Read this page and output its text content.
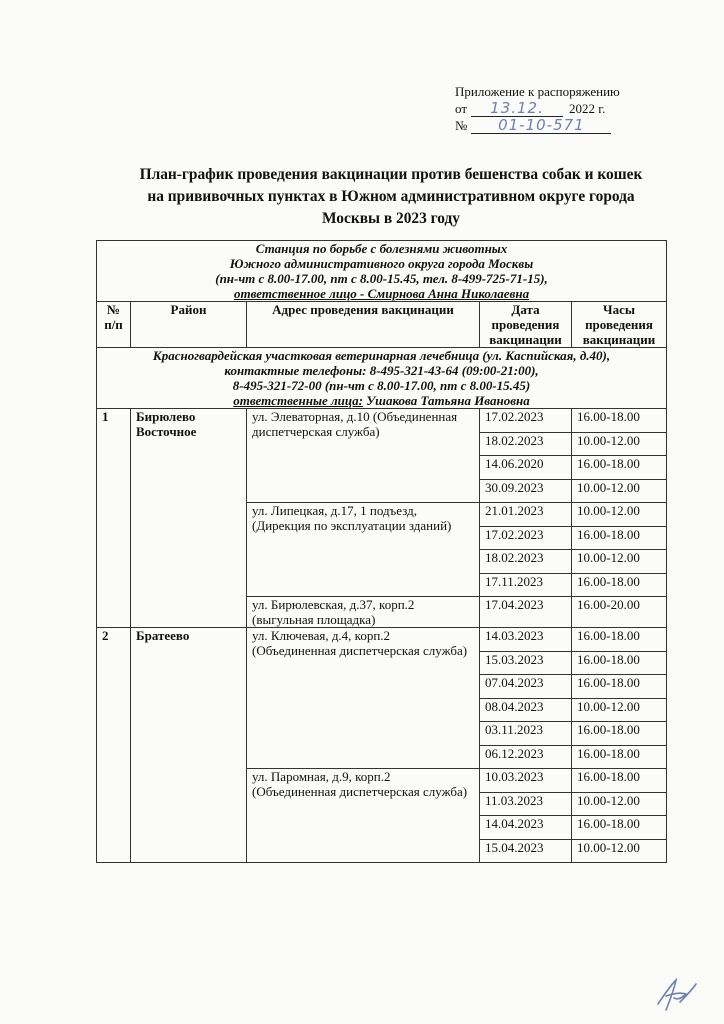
Приложение к распоряжению
от	13.12.	2022 г.
№	01-10-571
План-график проведения вакцинации против бешенства собак и кошек
на прививочных пунктах в Южном административном округе города
Москвы в 2023 году
Станция по борьбе с болезнями животных
Южного административного округа города Москвы
(пн-чт с 8.00-17.00, пт с 8.00-15.45, тел. 8-499-725-71-15),
ответственное лицо - Смирнова Анна Николаевна				

№
п/п	Район	Адрес проведения вакцинации	Дата проведения вакцинации	Часы проведения вакцинации

Красногвардейская участковая ветеринарная лечебница (ул. Каспийская, д.40),
контактные телефоны: 8-495-321-43-64 (09:00-21:00),
8-495-321-72-00 (пн-чт с 8.00-17.00, пт с 8.00-15.45)
ответственные лица: Ушакова Татьяна Ивановна				

1	Бирюлево Восточное	ул. Элеваторная, д.10 (Объединенная диспетчерская служба)	17.02.2023	16.00-18.00
			18.02.2023	10.00-12.00
			14.06.2020	16.00-18.00
			30.09.2023	10.00-12.00
		ул. Липецкая, д.17, 1 подъезд, (Дирекция по эксплуатации зданий)	21.01.2023	10.00-12.00
			17.02.2023	16.00-18.00
			18.02.2023	10.00-12.00
			17.11.2023	16.00-18.00
		ул. Бирюлевская, д.37, корп.2 (выгульная площадка)	17.04.2023	16.00-20.00
2	Братеево	ул. Ключевая, д.4, корп.2 (Объединенная диспетчерская служба)	14.03.2023	16.00-18.00
			15.03.2023	16.00-18.00
			07.04.2023	16.00-18.00
			08.04.2023	10.00-12.00
			03.11.2023	16.00-18.00
			06.12.2023	16.00-18.00
		ул. Паромная, д.9, корп.2 (Объединенная диспетчерская служба)	10.03.2023	16.00-18.00
			11.03.2023	10.00-12.00
			14.04.2023	16.00-18.00
			15.04.2023	10.00-12.00
